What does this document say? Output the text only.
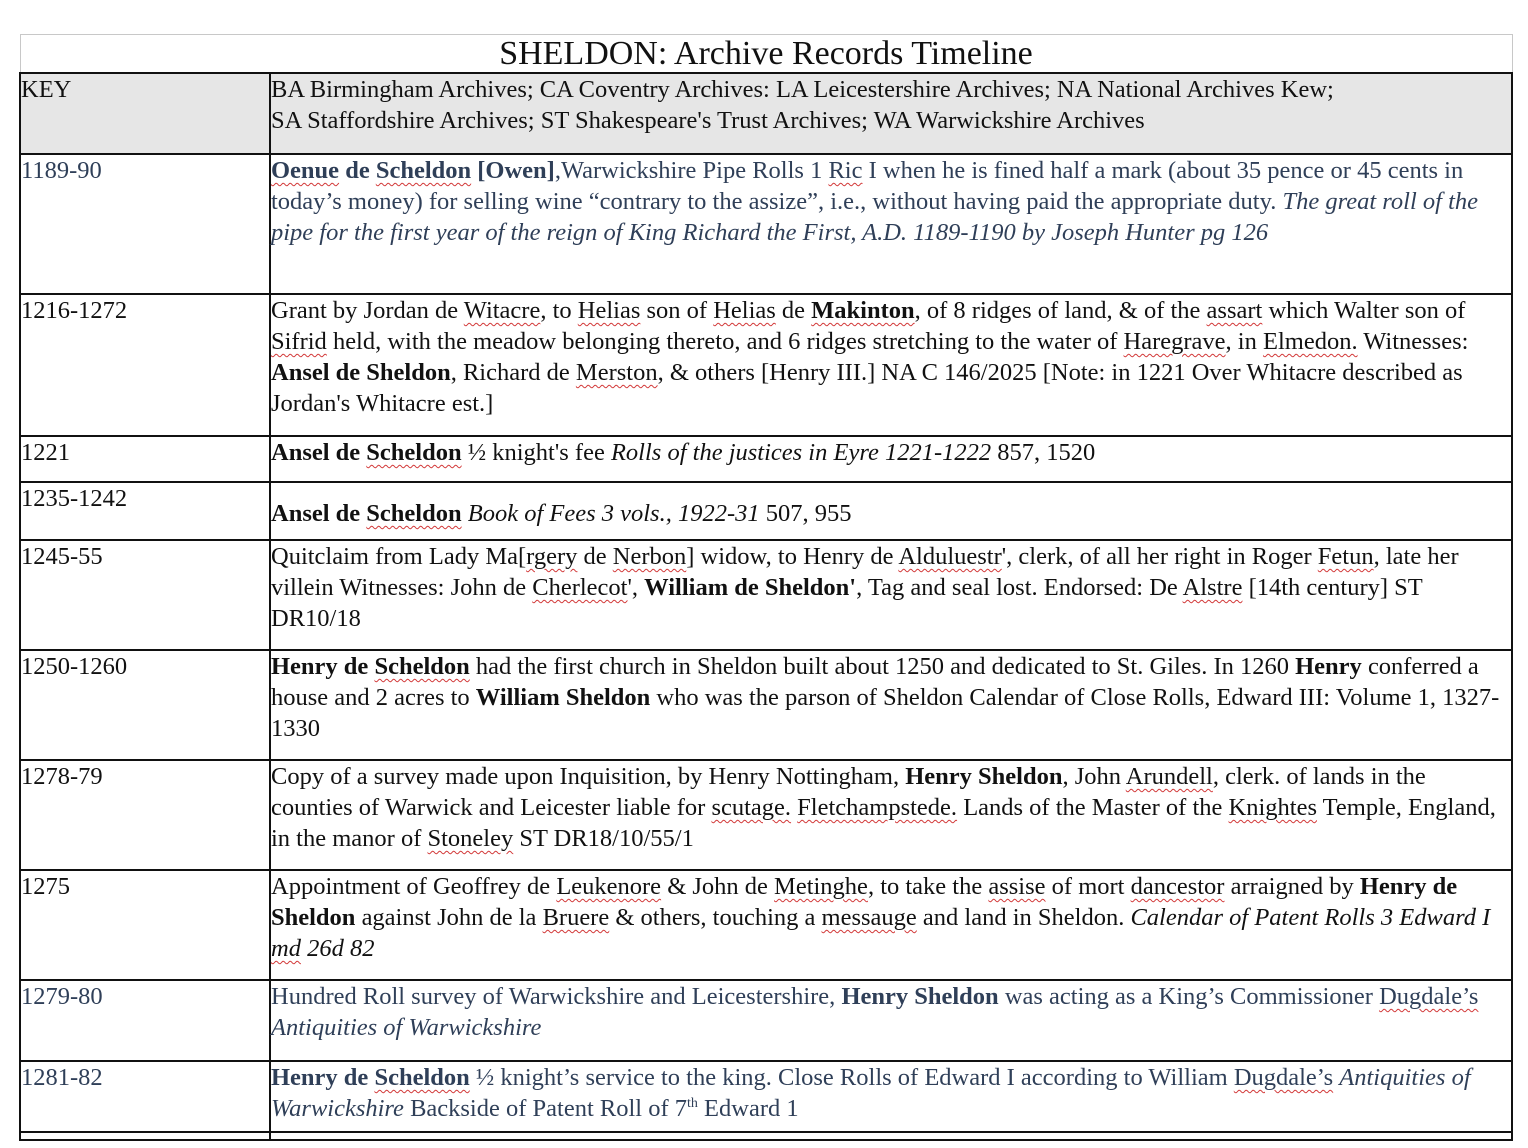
SHELDON: Archive Records Timeline	
KEY	BA Birmingham Archives; CA Coventry Archives: LA Leicestershire Archives; NA National Archives Kew;
SA Staffordshire Archives; ST Shakespeare's Trust Archives; WA Warwickshire Archives

1189-90	Oenue de Scheldon [Owen],Warwickshire Pipe Rolls 1 Ric I when he is fined half a mark (about 35 pence or 45 cents in today’s money) for selling wine “contrary to the assize”, i.e., without having paid the appropriate duty. The great roll of the pipe for the first year of the reign of King Richard the First, A.D. 1189-1190 by Joseph Hunter pg 126
1216-1272	Grant by Jordan de Witacre, to Helias son of Helias de Makinton, of 8 ridges of land, & of the assart which Walter son of Sifrid held, with the meadow belonging thereto, and 6 ridges stretching to the water of Haregrave, in Elmedon. Witnesses: Ansel de Sheldon, Richard de Merston, & others [Henry III.] NA C 146/2025 [Note: in 1221 Over Whitacre described as Jordan's Whitacre est.]
1221	Ansel de Scheldon ½ knight's fee Rolls of the justices in Eyre 1221-1222 857, 1520
1235-1242	Ansel de Scheldon Book of Fees 3 vols., 1922-31 507, 955
1245-55	Quitclaim from Lady Ma[rgery de Nerbon] widow, to Henry de Alduluestr', clerk, of all her right in Roger Fetun, late her villein Witnesses: John de Cherlecot', William de Sheldon', Tag and seal lost. Endorsed: De Alstre [14th century] ST DR10/18
1250-1260	Henry de Scheldon had the first church in Sheldon built about 1250 and dedicated to St. Giles. In 1260 Henry conferred a house and 2 acres to William Sheldon who was the parson of Sheldon Calendar of Close Rolls, Edward III: Volume 1, 1327-1330
1278-79	Copy of a survey made upon Inquisition, by Henry Nottingham, Henry Sheldon, John Arundell, clerk. of lands in the counties of Warwick and Leicester liable for scutage. Fletchampstede. Lands of the Master of the Knightes Temple, England, in the manor of Stoneley ST DR18/10/55/1
1275	Appointment of Geoffrey de Leukenore & John de Metinghe, to take the assise of mort dancestor arraigned by Henry de Sheldon against John de la Bruere & others, touching a messauge and land in Sheldon. Calendar of Patent Rolls 3 Edward I md 26d 82
1279-80	Hundred Roll survey of Warwickshire and Leicestershire, Henry Sheldon was acting as a King’s Commissioner Dugdale’s Antiquities of Warwickshire
1281-82	Henry de Scheldon ½ knight’s service to the king. Close Rolls of Edward I according to William Dugdale’s Antiquities of Warwickshire Backside of Patent Roll of 7th Edward 1
